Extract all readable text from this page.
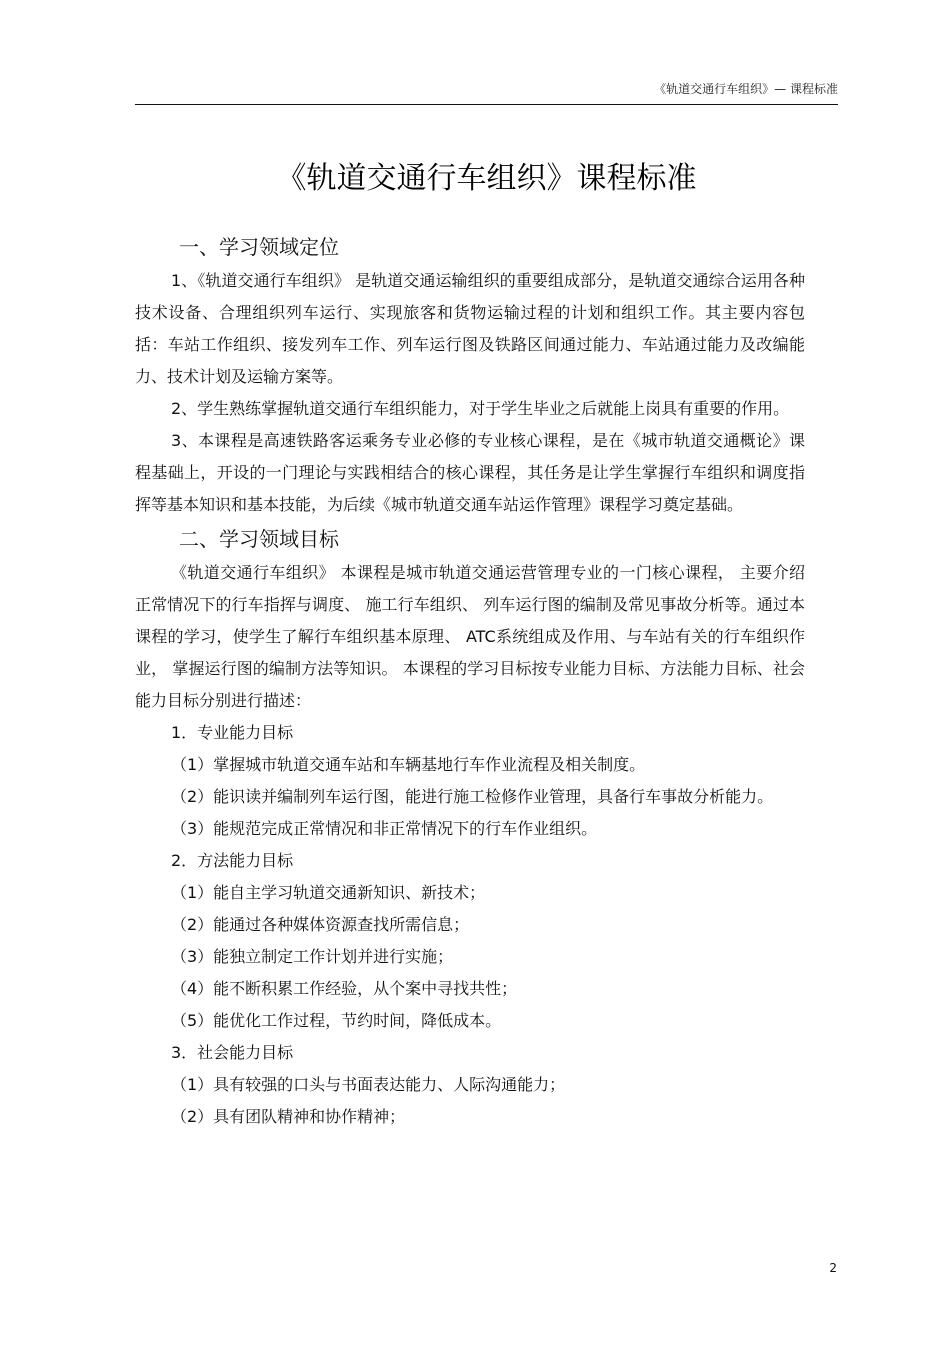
《轨道交通行车组织》— 课程标准
《轨道交通行车组织》课程标准
一、学习领域定位

1、《轨道交通行车组织》 是轨道交通运输组织的重要组成部分，是轨道交通综合运用各种技术设备、合理组织列车运行、实现旅客和货物运输过程的计划和组织工作。其主要内容包括：车站工作组织、接发列车工作、列车运行图及铁路区间通过能力、车站通过能力及改编能力、技术计划及运输方案等。

2、学生熟练掌握轨道交通行车组织能力，对于学生毕业之后就能上岗具有重要的作用。

3、本课程是高速铁路客运乘务专业必修的专业核心课程，是在《城市轨道交通概论》课程基础上，开设的一门理论与实践相结合的核心课程，其任务是让学生掌握行车组织和调度指挥等基本知识和基本技能，为后续《城市轨道交通车站运作管理》课程学习奠定基础。

二、学习领域目标

《轨道交通行车组织》 本课程是城市轨道交通运营管理专业的一门核心课程， 主要介绍正常情况下的行车指挥与调度、 施工行车组织、 列车运行图的编制及常见事故分析等。通过本课程的学习，使学生了解行车组织基本原理、 ATC系统组成及作用、与车站有关的行车组织作业， 掌握运行图的编制方法等知识。 本课程的学习目标按专业能力目标、方法能力目标、社会能力目标分别进行描述：

1．专业能力目标

（1）掌握城市轨道交通车站和车辆基地行车作业流程及相关制度。

（2）能识读并编制列车运行图，能进行施工检修作业管理，具备行车事故分析能力。

（3）能规范完成正常情况和非正常情况下的行车作业组织。

2．方法能力目标

（1）能自主学习轨道交通新知识、新技术；

（2）能通过各种媒体资源查找所需信息；

（3）能独立制定工作计划并进行实施；

（4）能不断积累工作经验，从个案中寻找共性；

（5）能优化工作过程，节约时间，降低成本。

3．社会能力目标

（1）具有较强的口头与书面表达能力、人际沟通能力；

（2）具有团队精神和协作精神；

2
